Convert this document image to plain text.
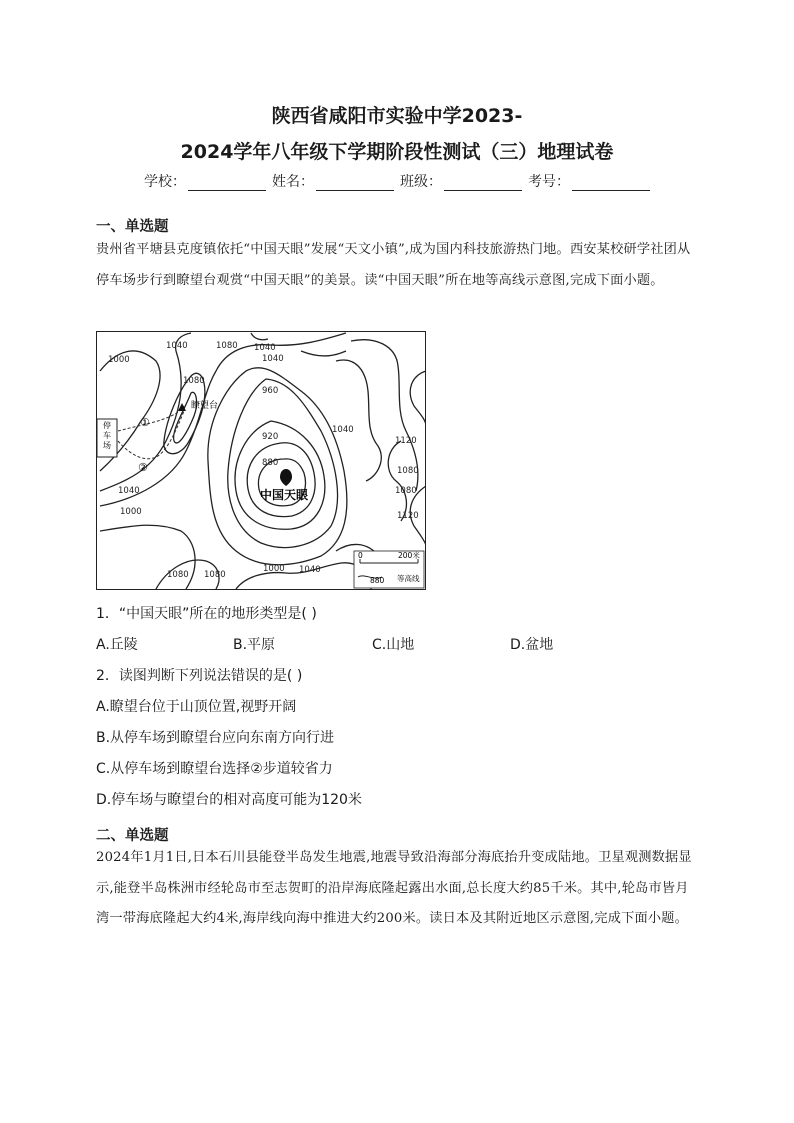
陕西省咸阳市实验中学2023-
2024学年八年级下学期阶段性测试（三）地理试卷
学校：	姓名：	班级：	考号：
一、单选题
贵州省平塘县克度镇依托“中国天眼”发展“天文小镇”,成为国内科技旅游热门地。西安某校研学社团从停车场步行到瞭望台观赏“中国天眼”的美景。读“中国天眼”所在地等高线示意图,完成下面小题。
停
车
场
瞭望台
①
②
中国天眼
1000
1040	1080
1040
1080
1040
960
920
880
1040
1120
1080
1080
1120
1040
1000
1080 1080
1000 1040
0	200米
880 等高线
1．“中国天眼”所在的地形类型是( )
A.丘陵	B.平原	C.山地	D.盆地
2．读图判断下列说法错误的是( )
A.瞭望台位于山顶位置,视野开阔
B.从停车场到瞭望台应向东南方向行进
C.从停车场到瞭望台选择②步道较省力
D.停车场与瞭望台的相对高度可能为120米
二、单选题
2024年1月1日,日本石川县能登半岛发生地震,地震导致沿海部分海底抬升变成陆地。卫星观测数据显示,能登半岛株洲市经轮岛市至志贺町的沿岸海底隆起露出水面,总长度大约85千米。其中,轮岛市皆月湾一带海底隆起大约4米,海岸线向海中推进大约200米。读日本及其附近地区示意图,完成下面小题。
